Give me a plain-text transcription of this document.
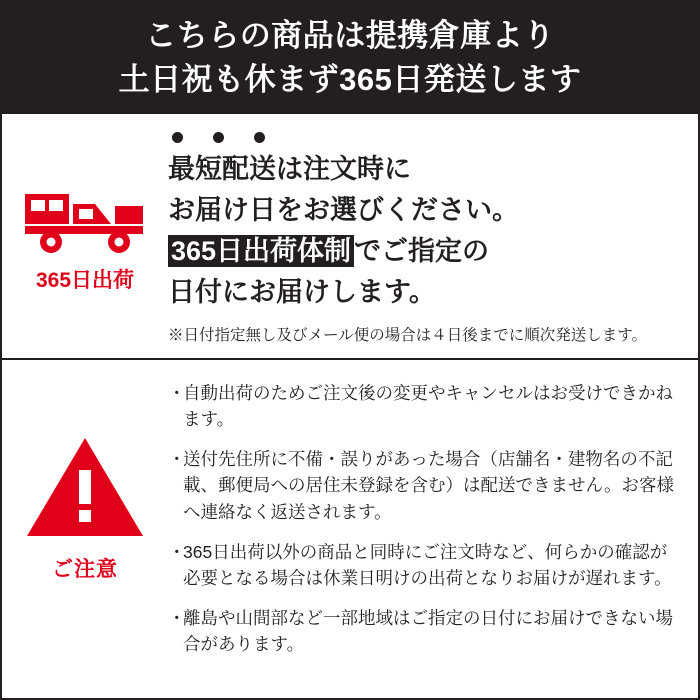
こちらの商品は提携倉庫より
土日祝も休まず365日発送します
365日出荷
最短配送は注文時に
お届け日をお選びください。
365日出荷体制 でご指定の
日付にお届けします。
※日付指定無し及びメール便の場合は４日後までに順次発送します。
ご注意
・
自動出荷のためご注文後の変更やキャンセルはお受けできかねます。
・
送付先住所に不備・誤りがあった場合（店舗名・建物名の不記載、郵便局への居住未登録を含む）は配送できません。お客様へ連絡なく返送されます。
・
365日出荷以外の商品と同時にご注文時など、何らかの確認が必要となる場合は休業日明けの出荷となりお届けが遅れます。
・
離島や山間部など一部地域はご指定の日付にお届けできない場合があります。
